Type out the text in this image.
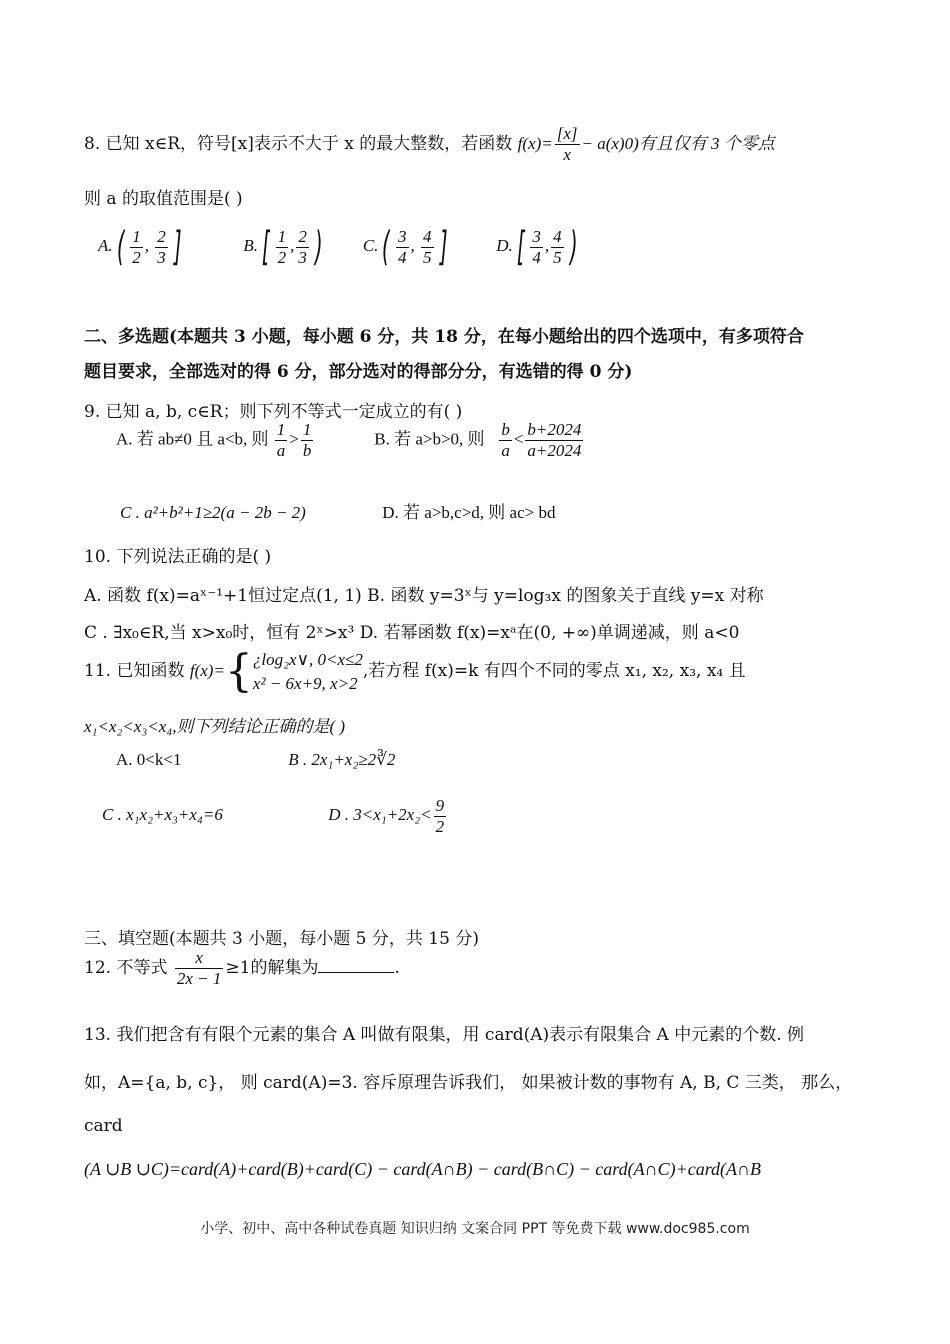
8. 已知 x∈R，符号[x]表示不大于 x 的最大整数，若函数 $f(x)= \frac{[x]}{x} - a(x)0$)有且仅有 3 个零点
则 a 的取值范围是( )
$A.( \frac{1}{2}$ , $\frac{2}{3}$ ]	$B.[ \frac{1}{2}$ , $\frac{2}{3}$ ) $C.( \frac{3}{4}$ , $\frac{4}{5}$ ]	$D.[ \frac{3}{4}$ , $\frac{4}{5}$ )
二、多选题(本题共 3 小题，每小题 6 分，共 18 分，在每小题给出的四个选项中，有多项符合
题目要求，全部选对的得 6 分，部分选对的得部分分，有选错的得 0 分)
9. 已知 a, b, c∈R；则下列不等式一定成立的有( )
A. 若 ab≠0 且 a<b, 则 $\frac{1}{a} > \frac{1}{b}$	B. 若 a>b>0, 则 $\frac{b}{a} < \frac{b+2024}{a+2024}$
C . a²+b²+1≥2(a − 2b − 2)	D. 若 a>b,c>d, 则 ac> bd
10. 下列说法正确的是( )
A. 函数 f(x)=aˣ⁻¹+1恒过定点(1, 1) B. 函数 y=3ˣ与 y=log₃x 的图象关于直线 y=x 对称
C . ∃x₀∈R,当 x>x₀时，恒有 2ˣ>x³ D. 若幂函数 f(x)=xᵃ在(0, +∞)单调递减，则 a<0
11. 已知函数 f(x)={ ¿log₂x∨, 0<x≤2
x² − 6x+9, x>2
,若方程 f(x)=k 有四个不同的零点 x₁, x₂, x₃, x₄ 且
x₁<x₂<x₃<x₄,则下列结论正确的是( )
A. 0<k<1	B . 2x₁+x₂≥2∛2
C . x₁x₂+x₃+x₄=6	D . $3<x_1+2x_2< \frac{9}{2}$
三、填空题(本题共 3 小题，每小题 5 分，共 15 分)
12. 不等式 $\frac{x}{2x - 1} \ge 1$的解集为	.
13. 我们把含有有限个元素的集合 A 叫做有限集，用 card(A)表示有限集合 A 中元素的个数. 例
如，A={a, b, c}， 则 card(A)=3. 容斥原理告诉我们， 如果被计数的事物有 A, B, C 三类， 那么，
card
(A ∪B ∪C)=card(A)+card(B)+card(C) − card(A∩B) − card(B∩C) − card(A∩C)+card(A∩B
小学、初中、高中各种试卷真题 知识归纳 文案合同 PPT 等免费下载 www.doc985.com
